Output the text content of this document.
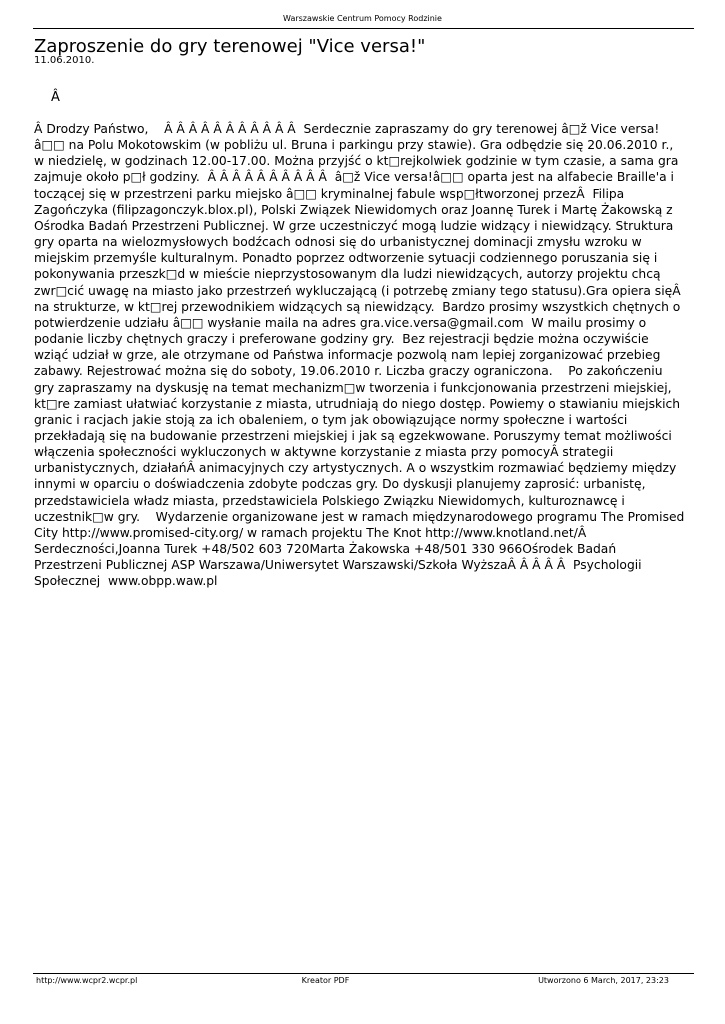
Warszawskie Centrum Pomocy Rodzinie
Zaproszenie do gry terenowej "Vice versa!"
11.06.2010.
Â
Â Drodzy Państwo,    Â Â Â Â Â Â Â Â Â Â Â  Serdecznie zapraszamy do gry terenowej â□ž Vice versa!â□□ na Polu Mokotowskim (w pobliżu ul. Bruna i parkingu przy stawie). Gra odbędzie się 20.06.2010 r., w niedzielę, w godzinach 12.00-17.00. Można przyjść o kt□rejkolwiek godzinie w tym czasie, a sama gra zajmuje około p□ł godziny.  Â Â Â Â Â Â Â Â Â Â  â□ž Vice versa!â□□ oparta jest na alfabecie Braille'a i toczącej się w przestrzeni parku miejsko â□□ kryminalnej fabule wsp□łtworzonej przezÂ  Filipa Zagończyka (filipzagonczyk.blox.pl), Polski Związek Niewidomych oraz Joannę Turek i Martę Żakowską z Ośrodka Badań Przestrzeni Publicznej. W grze uczestniczyć mogą ludzie widzący i niewidzący. Struktura gry oparta na wielozmysłowych bodźcach odnosi się do urbanistycznej dominacji zmysłu wzroku w miejskim przemyśle kulturalnym. Ponadto poprzez odtworzenie sytuacji codziennego poruszania się i pokonywania przeszk□d w mieście nieprzystosowanym dla ludzi niewidzących, autorzy projektu chcą zwr□cić uwagę na miasto jako przestrzeń wykluczającą (i potrzebę zmiany tego statusu).Gra opiera sięÂ na strukturze, w kt□rej przewodnikiem widzących są niewidzący.  Bardzo prosimy wszystkich chętnych o potwierdzenie udziału â□□ wysłanie maila na adres gra.vice.versa@gmail.com  W mailu prosimy o podanie liczby chętnych graczy i preferowane godziny gry.  Bez rejestracji będzie można oczywiście wziąć udział w grze, ale otrzymane od Państwa informacje pozwolą nam lepiej zorganizować przebieg zabawy. Rejestrować można się do soboty, 19.06.2010 r. Liczba graczy ograniczona.    Po zakończeniu gry zapraszamy na dyskusję na temat mechanizm□w tworzenia i funkcjonowania przestrzeni miejskiej, kt□re zamiast ułatwiać korzystanie z miasta, utrudniają do niego dostęp. Powiemy o stawianiu miejskich granic i racjach jakie stoją za ich obaleniem, o tym jak obowiązujące normy społeczne i wartości przekładają się na budowanie przestrzeni miejskiej i jak są egzekwowane. Poruszymy temat możliwości włączenia społeczności wykluczonych w aktywne korzystanie z miasta przy pomocyÂ strategii urbanistycznych, działańÂ animacyjnych czy artystycznych. A o wszystkim rozmawiać będziemy między innymi w oparciu o doświadczenia zdobyte podczas gry. Do dyskusji planujemy zaprosić: urbanistę, przedstawiciela władz miasta, przedstawiciela Polskiego Związku Niewidomych, kulturoznawcę i uczestnik□w gry.    Wydarzenie organizowane jest w ramach międzynarodowego programu The Promised City http://www.promised-city.org/ w ramach projektu The Knot http://www.knotland.net/Â Serdeczności,Joanna Turek +48/502 603 720Marta Żakowska +48/501 330 966Ośrodek Badań Przestrzeni Publicznej ASP Warszawa/Uniwersytet Warszawski/Szkoła WyższaÂ Â Â Â Â  Psychologii Społecznej  www.obpp.waw.pl
http://www.wcpr2.wcpr.pl	Kreator PDF	Utworzono 6 March, 2017, 23:23
